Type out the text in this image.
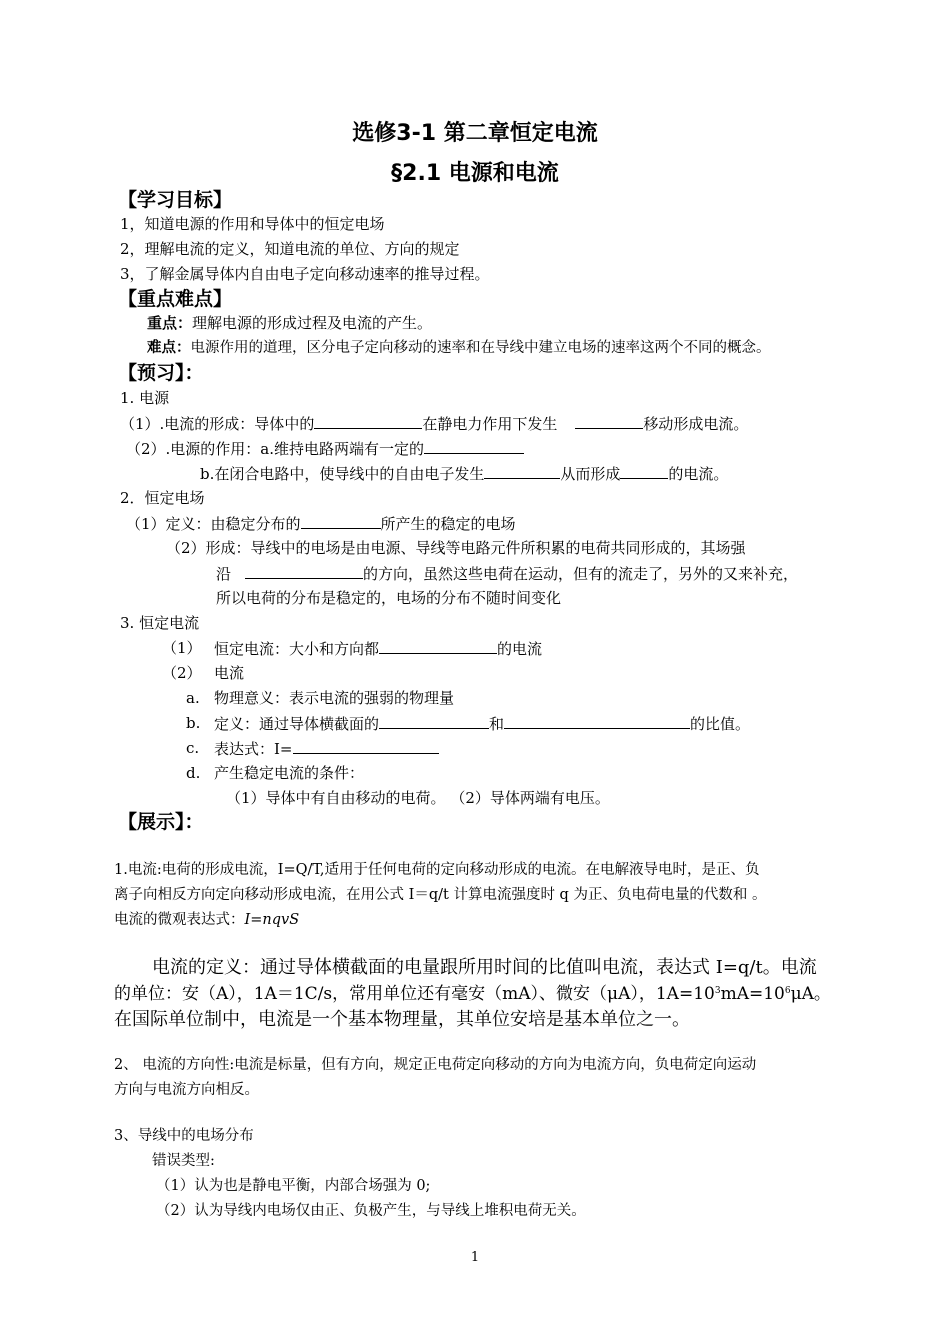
选修3-1 第二章恒定电流
§2.1 电源和电流
【学习目标】
1，知道电源的作用和导体中的恒定电场
2，理解电流的定义，知道电流的单位、方向的规定
3，了解金属导体内自由电子定向移动速率的推导过程。
【重点难点】
重点：理解电源的形成过程及电流的产生。
难点：电源作用的道理，区分电子定向移动的速率和在导线中建立电场的速率这两个不同的概念。
【预习】：
1. 电源
（1）.电流的形成：导体中的	在静电力作用下发生	移动形成电流。
（2）.电源的作用：a.维持电路两端有一定的
b.在闭合电路中，使导线中的自由电子发生	从而形成	的电流。
2．恒定电场
（1）定义：由稳定分布的	所产生的稳定的电场
（2）形成：导线中的电场是由电源、导线等电路元件所积累的电荷共同形成的，其场强
沿	的方向，虽然这些电荷在运动，但有的流走了，另外的又来补充，
所以电荷的分布是稳定的，电场的分布不随时间变化
3. 恒定电流
（1） 恒定电流：大小和方向都	的电流
（2） 电流
a. 物理意义：表示电流的强弱的物理量
b. 定义：通过导体横截面的	和	的比值。
c. 表达式：I=
d. 产生稳定电流的条件：
（1）导体中有自由移动的电荷。 （2）导体两端有电压。
【展示】：
1.电流:电荷的形成电流，I=Q/T,适用于任何电荷的定向移动形成的电流。在电解液导电时，是正、负
离子向相反方向定向移动形成电流，在用公式 I＝q/t 计算电流强度时 q 为正、负电荷电量的代数和 。
电流的微观表达式：I=nqvS
电流的定义：通过导体横截面的电量跟所用时间的比值叫电流，表达式 I=q/t。电流
的单位：安（A），1A＝1C/s，常用单位还有毫安（mA）、微安（μA），$1A=10^3mA=10^6\mu A$。
在国际单位制中，电流是一个基本物理量，其单位安培是基本单位之一。
2、 电流的方向性:电流是标量，但有方向，规定正电荷定向移动的方向为电流方向，负电荷定向运动
方向与电流方向相反。
3、导线中的电场分布
错误类型:
（1）认为也是静电平衡，内部合场强为 0;
（2）认为导线内电场仅由正、负极产生，与导线上堆积电荷无关。
1
